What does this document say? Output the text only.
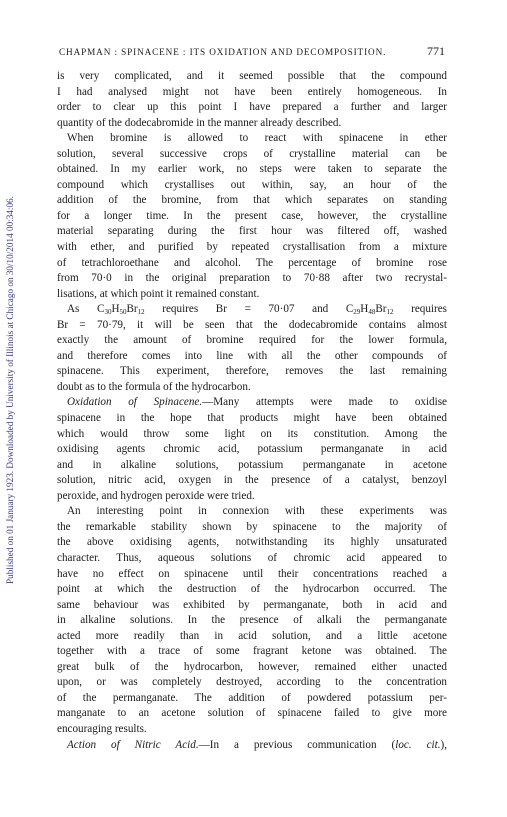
Published on 01 January 1923. Downloaded by University of Illinois at Chicago on 30/10/2014 00:34:06.
CHAPMAN : SPINACENE : ITS OXIDATION AND DECOMPOSITION.	771
is very complicated, and it seemed possible that the compound
I had analysed might not have been entirely homogeneous. In
order to clear up this point I have prepared a further and larger
quantity of the dodecabromide in the manner already described.
When bromine is allowed to react with spinacene in ether
solution, several successive crops of crystalline material can be
obtained. In my earlier work, no steps were taken to separate the
compound which crystallises out within, say, an hour of the
addition of the bromine, from that which separates on standing
for a longer time. In the present case, however, the crystalline
material separating during the first hour was filtered off, washed
with ether, and purified by repeated crystallisation from a mixture
of tetrachloroethane and alcohol. The percentage of bromine rose
from 70·0 in the original preparation to 70·88 after two recrystal-
lisations, at which point it remained constant.
As $C_{30}H_{50}Br_{12}$ requires Br = 70·07 and $C_{29}H_{48}Br_{12}$ requires
Br = 70·79, it will be seen that the dodecabromide contains almost
exactly the amount of bromine required for the lower formula,
and therefore comes into line with all the other compounds of
spinacene. This experiment, therefore, removes the last remaining
doubt as to the formula of the hydrocarbon.
Oxidation of Spinacene.—Many attempts were made to oxidise
spinacene in the hope that products might have been obtained
which would throw some light on its constitution. Among the
oxidising agents chromic acid, potassium permanganate in acid
and in alkaline solutions, potassium permanganate in acetone
solution, nitric acid, oxygen in the presence of a catalyst, benzoyl
peroxide, and hydrogen peroxide were tried.
An interesting point in connexion with these experiments was
the remarkable stability shown by spinacene to the majority of
the above oxidising agents, notwithstanding its highly unsaturated
character. Thus, aqueous solutions of chromic acid appeared to
have no effect on spinacene until their concentrations reached a
point at which the destruction of the hydrocarbon occurred. The
same behaviour was exhibited by permanganate, both in acid and
in alkaline solutions. In the presence of alkali the permanganate
acted more readily than in acid solution, and a little acetone
together with a trace of some fragrant ketone was obtained. The
great bulk of the hydrocarbon, however, remained either unacted
upon, or was completely destroyed, according to the concentration
of the permanganate. The addition of powdered potassium per-
manganate to an acetone solution of spinacene failed to give more
encouraging results.
Action of Nitric Acid.—In a previous communication (loc. cit.),
